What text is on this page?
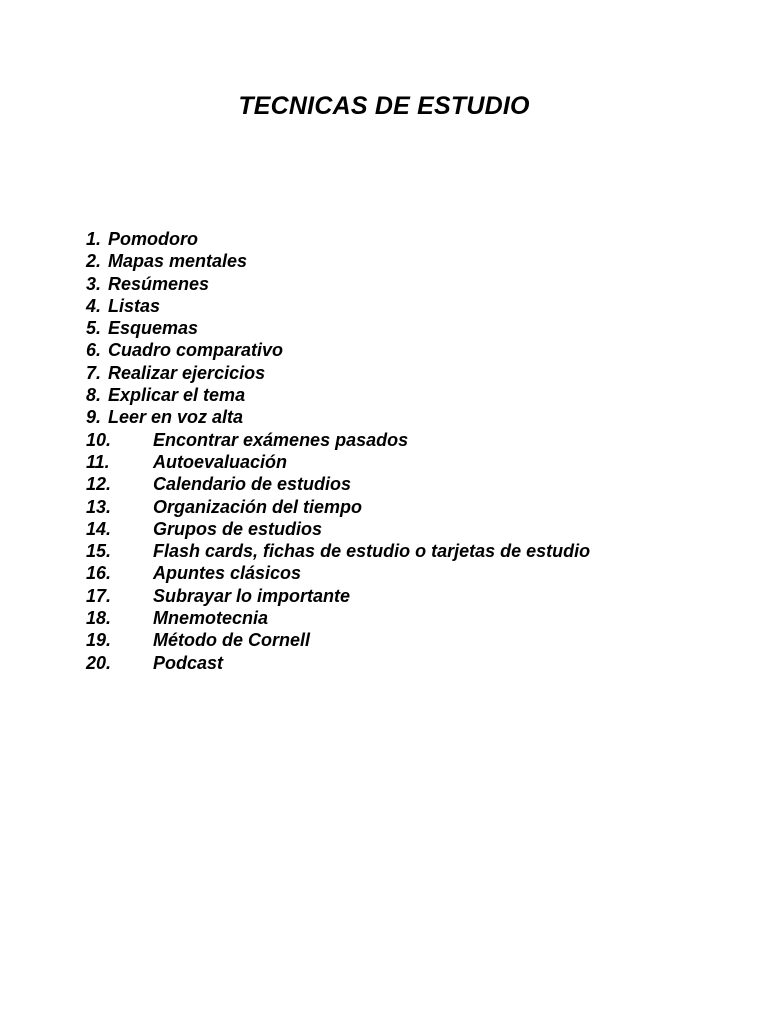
TECNICAS DE ESTUDIO
1. Pomodoro
2. Mapas mentales
3. Resúmenes
4. Listas
5. Esquemas
6. Cuadro comparativo
7. Realizar ejercicios
8. Explicar el tema
9. Leer en voz alta
10. Encontrar exámenes pasados
11. Autoevaluación
12. Calendario de estudios
13. Organización del tiempo
14. Grupos de estudios
15. Flash cards, fichas de estudio o tarjetas de estudio
16. Apuntes clásicos
17. Subrayar lo importante
18. Mnemotecnia
19. Método de Cornell
20. Podcast
